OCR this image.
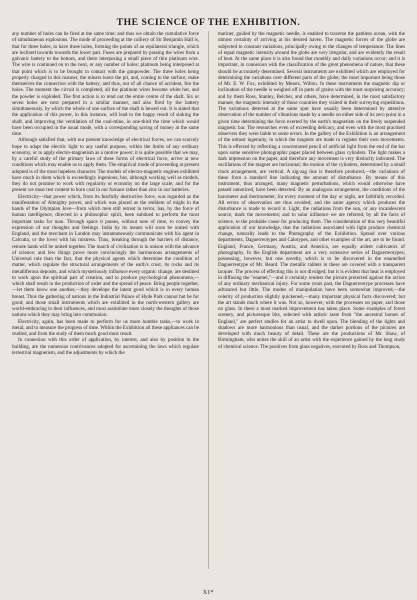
THE SCIENCE OF THE EXHIBITION.

any number of holes can be fired at the same time; and thus we obtain the cumulative force of simultaneous explosions. The mode of proceeding at the colliery of Sir Benjamin Hall is, that for three holes, to have three holes, forming the points of an equilateral triangle, which are inclined towards towards the lower part. Fuses are prepared by passing the wires from a galvanic battery to the bottom, and there interposing a small piece of thin platinum wire. The wire is continued on to the next, or any number of holes; platinum being interposed at that point which is to be brought in contact with the gunpowder. The three holes being properly charged in this manner, the miners leave the pit, and, coming to the surface, make themselves the connection with the battery, and thus, out of all chance of accident, fire the holes. The moment the circuit is completed, all the platinum wires become white hot, and the powder is exploded. The first action is to rend out the entire centre of the shaft. Six or seven holes are next prepared in a similar manner, and also fired by the battery simultaneously, by which the whole of one surface of the shaft is hewed out. It is stated that the application of this power, in this instance, will lead to the happy result of sinking the shaft, and improving the ventilation of the coal-mine, in one-third the time which would have been occupied in the usual mode, with a corresponding saving of money at the same time.

Although satisfied that, with our present knowledge of electrical forces, we can scarcely hope to adapt the electric light to any useful purpose, within the limits of any ordinary economy, or to apply electro-magnetism as a motive power; it is quite possible that we may, by a careful study of the primary laws of these forms of electrical force, arrive at new conditions which may enable us to apply them. The empirical mode of proceeding at present adopted is of the most hopeless character. The models of electro-magnetic engines exhibited have much in them which is exceedingly ingenious; but, although working well as models, they do not promise to work with regularity or economy on the large scale; and for the present we must rest content to burn coal in our furnace rather than zinc in our batteries.

Electricity—that power which, from its fearfully destructive force, was regarded as the manifestation of Almighty power, and which was placed as the emblem of might in the hands of the Olympian Jove—from which men still retreat in terror, has, by the force of human intelligence, directed in a philosophic spirit, been subdued to perform the most important tasks for man. Through space it passes, without note of time, to convey the expression of our thoughts and feelings. India by its means will soon be united with England, and the merchant in London may instantaneously communicate with his agent in Calcutta, or the lover with his mistress. Thus, breaking through the barriers of distance, remote lands will be united together. The march of civilisation is in unison with the advance of science; and few things prove more convincingly the harmonious arrangements of Universal rule than the fact, that the physical agents which determine the condition of matter, which regulate the structural arrangements of the earth's crust, its rocks and its metalliferous deposits, and which mysteriously influence every organic change, are destined to work upon the spiritual part of creation, and to produce psychological phenomena,—which shall result in the production of order and the spread of peace. Bring people together,—let them know one another,—they develope the latent good which is in every human breast. Thus the gathering of nations in the Industrial Palace of Hyde Park cannot but be for good; and those small instruments which are exhibited in the north-western gallery are world-embracing in their influences, and must assimilate more closely the thoughts of those nations which they may bring into communion.

Electricity, again, has been made to perform for us more humble tasks,—to work in metal, and to measure the progress of time. Within the Exhibition all these appliances can be studied, and from the study of them much good must result.

In connexion with this order of application, by interest, and also by position in the building, are the numerous contrivances adopted for ascertaining the laws which regulate terrestrial magnetism, and the adjustments by which the

mariner, guided by the magnetic needle, is enabled to traverse the pathless ocean, with the utmost certainty of arriving at his desired haven. The magnetic forces of the globe are subjected to constant variations, principally owing to the changes of temperature. The lines of equal magnetic intensity around the globe are very irregular, and are evidently the result of heat. At the same place it is also found that monthly and daily variations occur; and it is important, in connexion with the classification of the great phenomena of nature, that these should be accurately determined. Several instruments are exhibited which are employed for determining the variations over different parts of the globe; the most important being those of Mr. E. W. Fox, exhibited by Messrs. Wilton. In these instruments the magnetic dip or inclination of the needle is weighed off in parts of grains with the most surprising accuracy; and by them Ross, Stanley, Belcher, and others, have determined, in the most satisfactory manner, the magnetic intensity of those countries they visited in their surveying expeditions. The variations detected at the same spot have usually been determined by attentive observation of the number of vibrations made by a needle on either side of its zero point in a given time determining the force exerted by the earth's magnetism on the freely suspended magnetic bar. The researches even of exceeding delicacy, and even with the most practised observers they were liable to some errors. In the gallery of the Exhibition is an arrangement of the utmost ingenuity, in which the magnets are made to register their own movements. This is effected by reflecting a concentrated pencil of artificial light from the end of the bar upon some sensitive photographic paper placed between glass cylinders. The light makes a dark impression on the paper, and therefore any movement is very distinctly indicated. The oscillations of the magnet are horizontal; the motion of the cylinders, determined by a small clock arrangement, are vertical. A zig-zag line is therefore produced,—the variations of these from a standard line indicating the amount of disturbance. By means of this instrument, thus arranged, many magnetic perturbations, which would otherwise have passed unnoticed, have been detected. By an analogous arrangement, the conditions of the barometer and thermometer, for every moment of the day or night, are faithfully recorded. All errors of observation are thus avoided; and the same agency which produces the disturbance is made to record it. Light, the radiations from the sun, or any incandescent source, mark the movements; and to solar influence we are referred, by all the facts of science, to the probable cause for producing them. The consideration of this very beautiful application of our knowledge, that the radiations associated with light produce chemical change, naturally leads to the Photography of the Exhibition. Spread over various departments, Daguerreotypes and Calotypes, and other examples of the art, are to be found. England, France, Germany, Austria, and America, are equally ardent cultivators of photography. In the English department are a very extensive series of Daguerreotypes; possessing, however, but one novelty, which is to be discovered in the enamelled Daguerreotype of Mr. Beard. The metallic tablets in these are covered with a transparent lacquer. The process of effecting this is not divulged; but it is evident that heat is employed in diffusing the "enamel,"—and it certainly renders the picture protected against the action of any ordinary mechanical injury. For some years past, the Daguerreotype processes have advanced but little. The modes of manipulation have been somewhat improved,—the celerity of production slightly quickened,—many important physical facts discovered; but the art stands much where it was. Not so, however, with the processes on paper, and those on glass. In these a most marked improvement has taken place. Some examples of forest scenery, and picturesque bits, selected with artistic taste from "the ancestral homes of England," are perfect studies for an artist to dwell upon. The blending of the lights and shadows are more harmonious than usual, and the darker portions of the pictures are developed with much beauty of detail. These are the productions of Mr. Shaw, of Birmingham, who unites the skill of an artist with the experience gained by the long study of chemical science. The positives from glass negatives, executed by Ross and Thompson,

XI*
